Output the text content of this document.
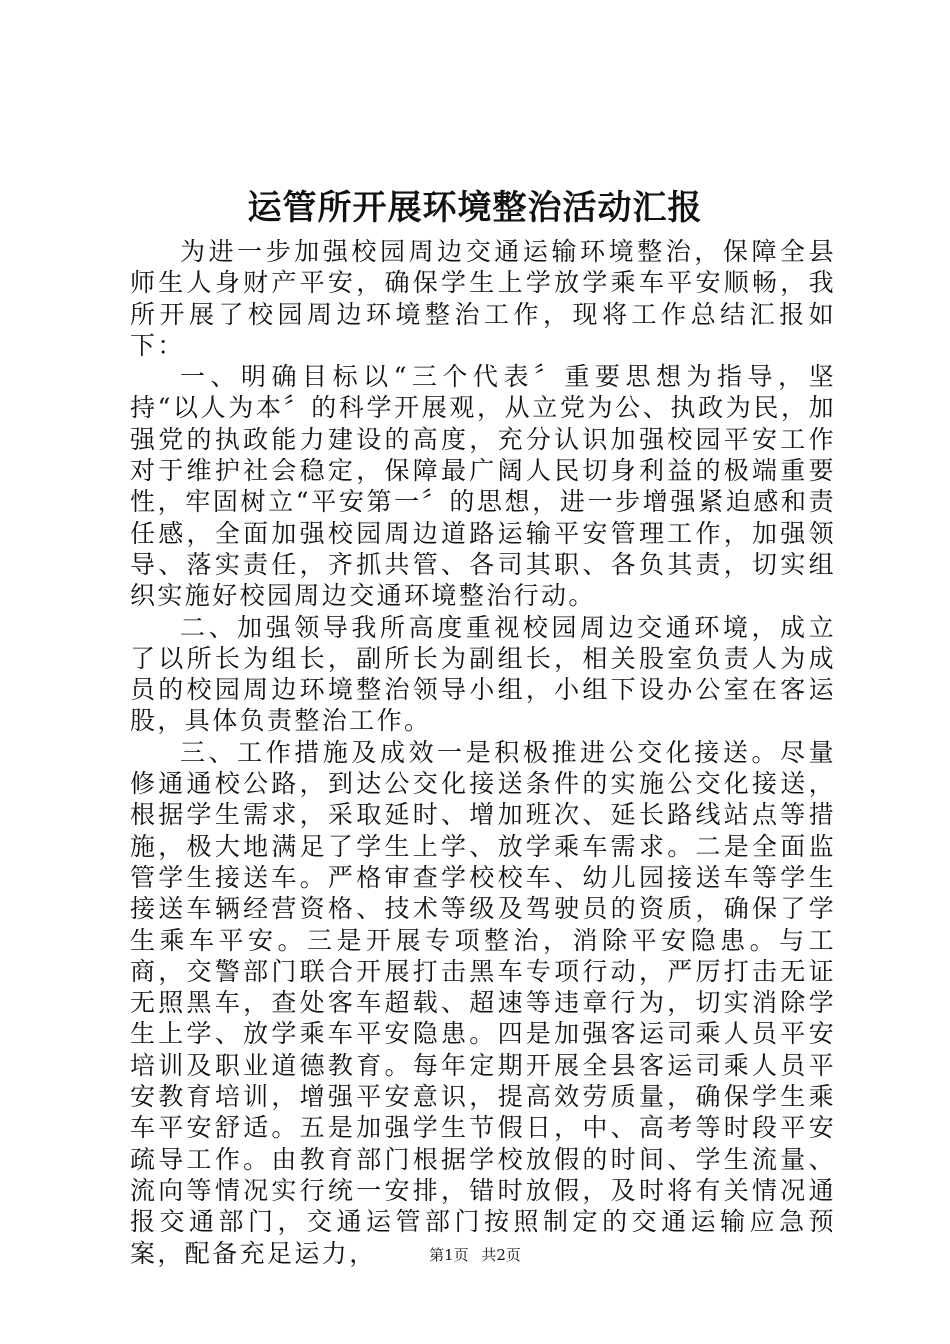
运管所开展环境整治活动汇报

为进一步加强校园周边交通运输环境整治，保障全县师生人身财产平安，确保学生上学放学乘车平安顺畅，我所开展了校园周边环境整治工作，现将工作总结汇报如下：

一、明确目标以“三个代表〞重要思想为指导，坚持“以人为本〞的科学开展观，从立党为公、执政为民，加强党的执政能力建设的高度，充分认识加强校园平安工作对于维护社会稳定，保障最广阔人民切身利益的极端重要性，牢固树立“平安第一〞的思想，进一步增强紧迫感和责任感，全面加强校园周边道路运输平安管理工作，加强领导、落实责任，齐抓共管、各司其职、各负其责，切实组织实施好校园周边交通环境整治行动。

二、加强领导我所高度重视校园周边交通环境，成立了以所长为组长，副所长为副组长，相关股室负责人为成员的校园周边环境整治领导小组，小组下设办公室在客运股，具体负责整治工作。

三、工作措施及成效一是积极推进公交化接送。尽量修通通校公路，到达公交化接送条件的实施公交化接送，根据学生需求，采取延时、增加班次、延长路线站点等措施，极大地满足了学生上学、放学乘车需求。二是全面监管学生接送车。严格审查学校校车、幼儿园接送车等学生接送车辆经营资格、技术等级及驾驶员的资质，确保了学生乘车平安。三是开展专项整治，消除平安隐患。与工商，交警部门联合开展打击黑车专项行动，严厉打击无证无照黑车，查处客车超载、超速等违章行为，切实消除学生上学、放学乘车平安隐患。四是加强客运司乘人员平安培训及职业道德教育。每年定期开展全县客运司乘人员平安教育培训，增强平安意识，提高效劳质量，确保学生乘车平安舒适。五是加强学生节假日，中、高考等时段平安疏导工作。由教育部门根据学校放假的时间、学生流量、流向等情况实行统一安排，错时放假，及时将有关情况通报交通部门，交通运管部门按照制定的交通运输应急预案，配备充足运力，	第1页 共2页
